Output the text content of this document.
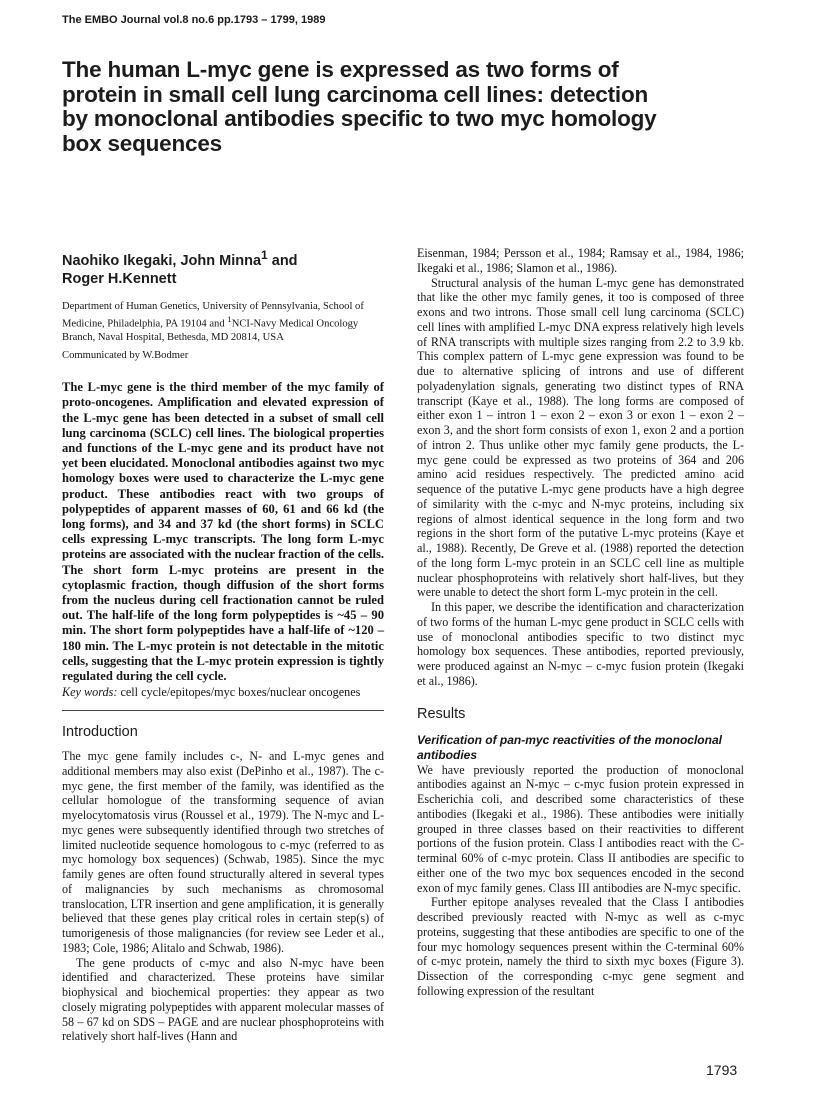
The EMBO Journal vol.8 no.6 pp.1793 – 1799, 1989
The human L-myc gene is expressed as two forms of protein in small cell lung carcinoma cell lines: detection by monoclonal antibodies specific to two myc homology box sequences
Naohiko Ikegaki, John Minna$^1$ and
Roger H.Kennett

Department of Human Genetics, University of Pennsylvania, School of Medicine, Philadelphia, PA 19104 and $^1$NCI-Navy Medical Oncology Branch, Naval Hospital, Bethesda, MD 20814, USA

Communicated by W.Bodmer

The L-myc gene is the third member of the myc family of proto-oncogenes. Amplification and elevated expression of the L-myc gene has been detected in a subset of small cell lung carcinoma (SCLC) cell lines. The biological properties and functions of the L-myc gene and its product have not yet been elucidated. Monoclonal antibodies against two myc homology boxes were used to characterize the L-myc gene product. These antibodies react with two groups of polypeptides of apparent masses of 60, 61 and 66 kd (the long forms), and 34 and 37 kd (the short forms) in SCLC cells expressing L-myc transcripts. The long form L-myc proteins are associated with the nuclear fraction of the cells. The short form L-myc proteins are present in the cytoplasmic fraction, though diffusion of the short forms from the nucleus during cell fractionation cannot be ruled out. The half-life of the long form polypeptides is ~45 – 90 min. The short form polypeptides have a half-life of ~120 – 180 min. The L-myc protein is not detectable in the mitotic cells, suggesting that the L-myc protein expression is tightly regulated during the cell cycle.

Key words: cell cycle/epitopes/myc boxes/nuclear oncogenes

Introduction

The myc gene family includes c-, N- and L-myc genes and additional members may also exist (DePinho et al., 1987). The c-myc gene, the first member of the family, was identified as the cellular homologue of the transforming sequence of avian myelocytomatosis virus (Roussel et al., 1979). The N-myc and L-myc genes were subsequently identified through two stretches of limited nucleotide sequence homologous to c-myc (referred to as myc homology box sequences) (Schwab, 1985). Since the myc family genes are often found structurally altered in several types of malignancies by such mechanisms as chromosomal translocation, LTR insertion and gene amplification, it is generally believed that these genes play critical roles in certain step(s) of tumorigenesis of those malignancies (for review see Leder et al., 1983; Cole, 1986; Alitalo and Schwab, 1986).

The gene products of c-myc and also N-myc have been identified and characterized. These proteins have similar biophysical and biochemical properties: they appear as two closely migrating polypeptides with apparent molecular masses of 58 – 67 kd on SDS – PAGE and are nuclear phosphoproteins with relatively short half-lives (Hann and

Eisenman, 1984; Persson et al., 1984; Ramsay et al., 1984, 1986; Ikegaki et al., 1986; Slamon et al., 1986).

Structural analysis of the human L-myc gene has demonstrated that like the other myc family genes, it too is composed of three exons and two introns. Those small cell lung carcinoma (SCLC) cell lines with amplified L-myc DNA express relatively high levels of RNA transcripts with multiple sizes ranging from 2.2 to 3.9 kb. This complex pattern of L-myc gene expression was found to be due to alternative splicing of introns and use of different polyadenylation signals, generating two distinct types of RNA transcript (Kaye et al., 1988). The long forms are composed of either exon 1 – intron 1 – exon 2 – exon 3 or exon 1 – exon 2 – exon 3, and the short form consists of exon 1, exon 2 and a portion of intron 2. Thus unlike other myc family gene products, the L-myc gene could be expressed as two proteins of 364 and 206 amino acid residues respectively. The predicted amino acid sequence of the putative L-myc gene products have a high degree of similarity with the c-myc and N-myc proteins, including six regions of almost identical sequence in the long form and two regions in the short form of the putative L-myc proteins (Kaye et al., 1988). Recently, De Greve et al. (1988) reported the detection of the long form L-myc protein in an SCLC cell line as multiple nuclear phosphoproteins with relatively short half-lives, but they were unable to detect the short form L-myc protein in the cell.

In this paper, we describe the identification and characterization of two forms of the human L-myc gene product in SCLC cells with use of monoclonal antibodies specific to two distinct myc homology box sequences. These antibodies, reported previously, were produced against an N-myc – c-myc fusion protein (Ikegaki et al., 1986).

Results

Verification of pan-myc reactivities of the monoclonal antibodies

We have previously reported the production of monoclonal antibodies against an N-myc – c-myc fusion protein expressed in Escherichia coli, and described some characteristics of these antibodies (Ikegaki et al., 1986). These antibodies were initially grouped in three classes based on their reactivities to different portions of the fusion protein. Class I antibodies react with the C-terminal 60% of c-myc protein. Class II antibodies are specific to either one of the two myc box sequences encoded in the second exon of myc family genes. Class III antibodies are N-myc specific.

Further epitope analyses revealed that the Class I antibodies described previously reacted with N-myc as well as c-myc proteins, suggesting that these antibodies are specific to one of the four myc homology sequences present within the C-terminal 60% of c-myc protein, namely the third to sixth myc boxes (Figure 3). Dissection of the corresponding c-myc gene segment and following expression of the resultant

1793
